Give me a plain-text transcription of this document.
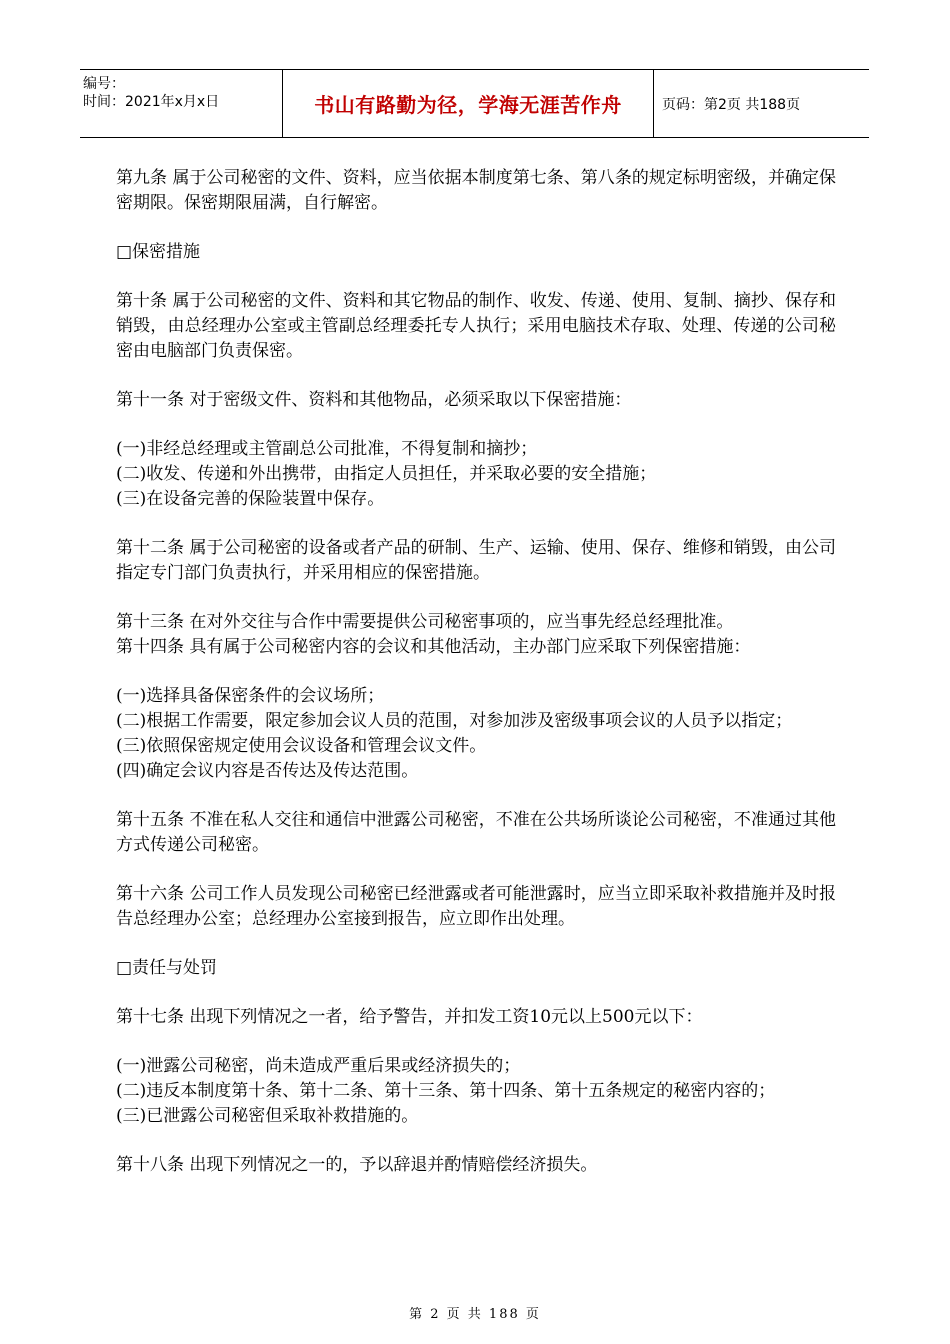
编号：
时间：2021年x月x日	书山有路勤为径，学海无涯苦作舟	页码：第2页 共188页

第九条 属于公司秘密的文件、资料，应当依据本制度第七条、第八条的规定标明密级，并确定保密期限。保密期限届满，自行解密。

□保密措施

第十条 属于公司秘密的文件、资料和其它物品的制作、收发、传递、使用、复制、摘抄、保存和销毁，由总经理办公室或主管副总经理委托专人执行；采用电脑技术存取、处理、传递的公司秘密由电脑部门负责保密。

第十一条 对于密级文件、资料和其他物品，必须采取以下保密措施：

(一)非经总经理或主管副总公司批准，不得复制和摘抄；

(二)收发、传递和外出携带，由指定人员担任，并采取必要的安全措施；

(三)在设备完善的保险装置中保存。

第十二条 属于公司秘密的设备或者产品的研制、生产、运输、使用、保存、维修和销毁，由公司指定专门部门负责执行，并采用相应的保密措施。

第十三条 在对外交往与合作中需要提供公司秘密事项的，应当事先经总经理批准。

第十四条 具有属于公司秘密内容的会议和其他活动，主办部门应采取下列保密措施：

(一)选择具备保密条件的会议场所；

(二)根据工作需要，限定参加会议人员的范围，对参加涉及密级事项会议的人员予以指定；

(三)依照保密规定使用会议设备和管理会议文件。

(四)确定会议内容是否传达及传达范围。

第十五条 不准在私人交往和通信中泄露公司秘密，不准在公共场所谈论公司秘密，不准通过其他方式传递公司秘密。

第十六条 公司工作人员发现公司秘密已经泄露或者可能泄露时，应当立即采取补救措施并及时报告总经理办公室；总经理办公室接到报告，应立即作出处理。

□责任与处罚

第十七条 出现下列情况之一者，给予警告，并扣发工资10元以上500元以下：

(一)泄露公司秘密，尚未造成严重后果或经济损失的；

(二)违反本制度第十条、第十二条、第十三条、第十四条、第十五条规定的秘密内容的；

(三)已泄露公司秘密但采取补救措施的。

第十八条 出现下列情况之一的，予以辞退并酌情赔偿经济损失。

第 2 页 共 188 页
